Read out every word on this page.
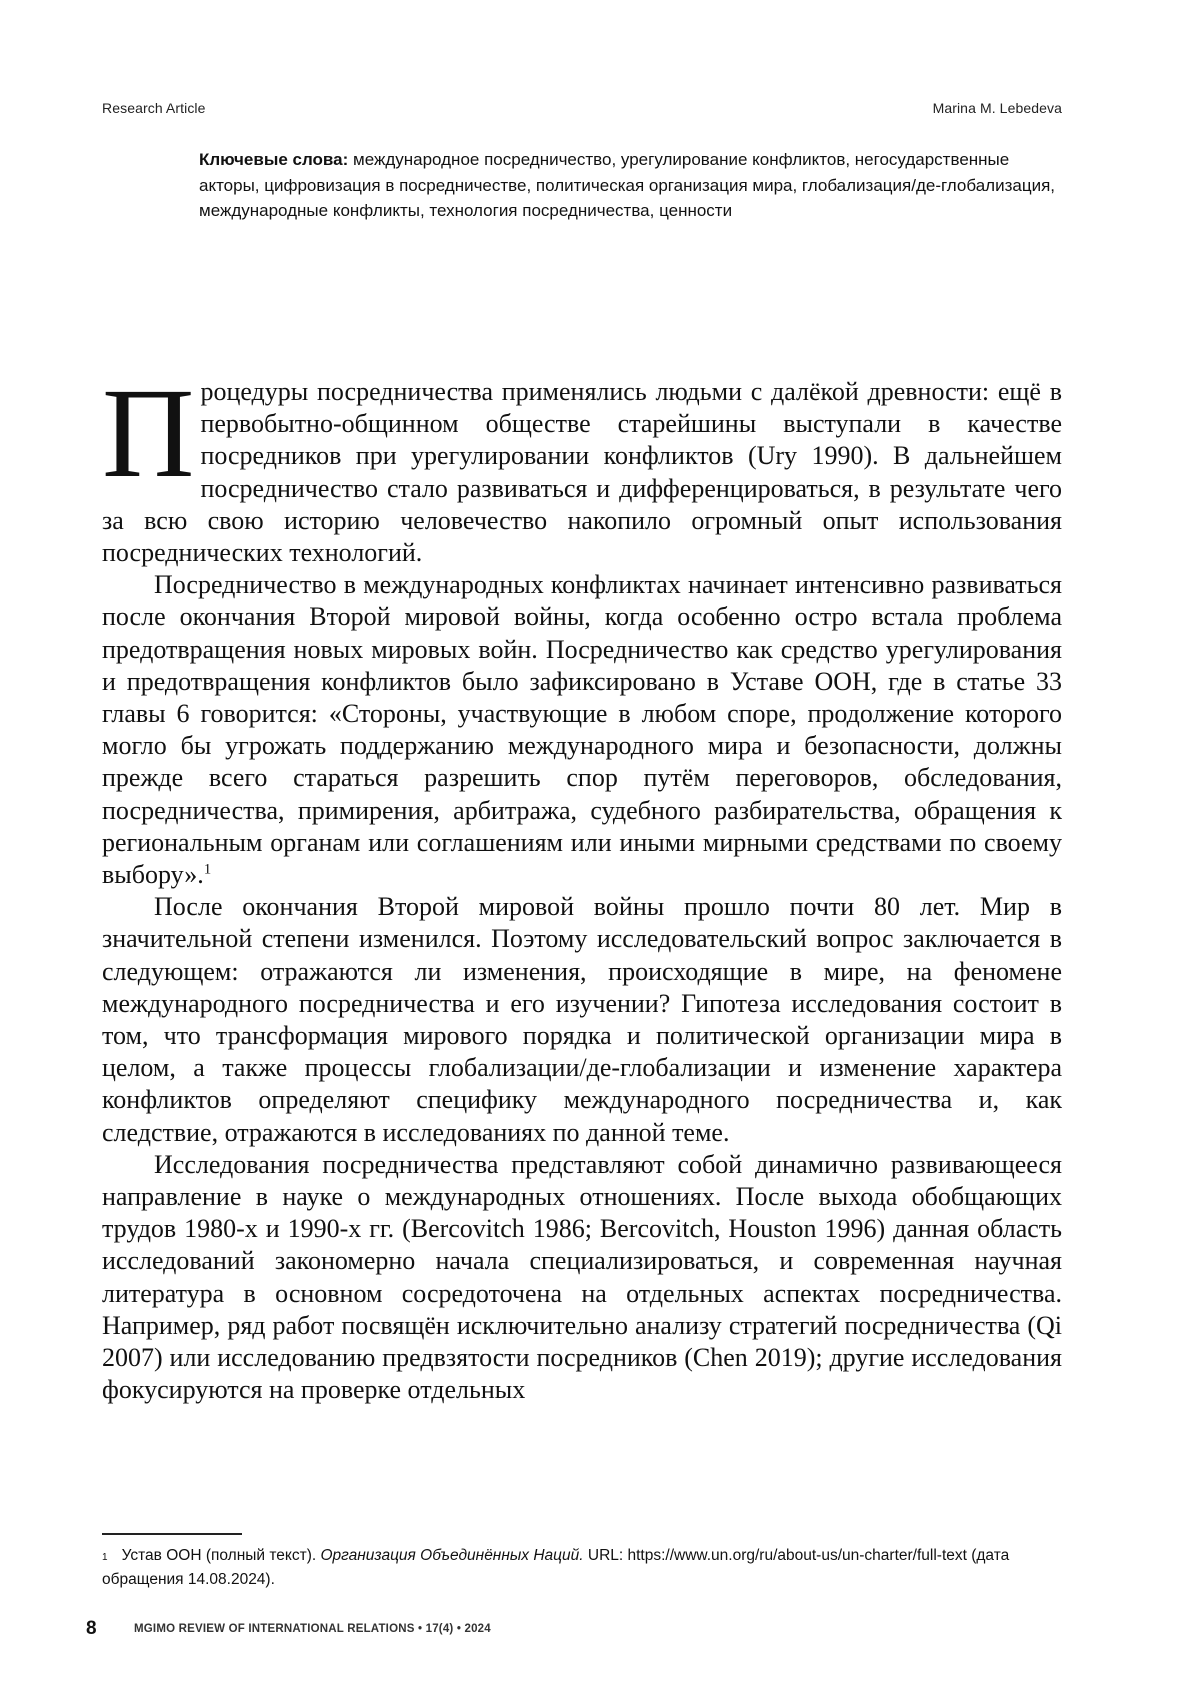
Research Article	Marina M. Lebedeva
Ключевые слова: международное посредничество, урегулирование конфликтов, негосударственные акторы, цифровизация в посредничестве, политическая организация мира, глобализация/де-глобализация, международные конфликты, технология посредничества, ценности

Процедуры посредничества применялись людьми с далёкой древности: ещё в первобытно-общинном обществе старейшины выступали в качестве посредников при урегулировании конфликтов (Ury 1990). В дальнейшем посредничество стало развиваться и дифференцироваться, в результате чего за всю свою историю человечество накопило огромный опыт использования посреднических технологий.

Посредничество в международных конфликтах начинает интенсивно развиваться после окончания Второй мировой войны, когда особенно остро встала проблема предотвращения новых мировых войн. Посредничество как средство урегулирования и предотвращения конфликтов было зафиксировано в Уставе ООН, где в статье 33 главы 6 говорится: «Стороны, участвующие в любом споре, продолжение которого могло бы угрожать поддержанию международного мира и безопасности, должны прежде всего стараться разрешить спор путём переговоров, обследования, посредничества, примирения, арбитража, судебного разбирательства, обращения к региональным органам или соглашениям или иными мирными средствами по своему выбору».$^1$

После окончания Второй мировой войны прошло почти 80 лет. Мир в значительной степени изменился. Поэтому исследовательский вопрос заключается в следующем: отражаются ли изменения, происходящие в мире, на феномене международного посредничества и его изучении? Гипотеза исследования состоит в том, что трансформация мирового порядка и политической организации мира в целом, а также процессы глобализации/де-глобализации и изменение характера конфликтов определяют специфику международного посредничества и, как следствие, отражаются в исследованиях по данной теме.

Исследования посредничества представляют собой динамично развивающееся направление в науке о международных отношениях. После выхода обобщающих трудов 1980-х и 1990-х гг. (Bercovitch 1986; Bercovitch, Houston 1996) данная область исследований закономерно начала специализироваться, и современная научная литература в основном сосредоточена на отдельных аспектах посредничества. Например, ряд работ посвящён исключительно анализу стратегий посредничества (Qi 2007) или исследованию предвзятости посредников (Chen 2019); другие исследования фокусируются на проверке отдельных

$^1$ Устав ООН (полный текст). Организация Объединённых Наций. URL: https://www.un.org/ru/about-us/un-charter/full-text (дата обращения 14.08.2024).
8	MGIMO REVIEW OF INTERNATIONAL RELATIONS • 17(4) • 2024
